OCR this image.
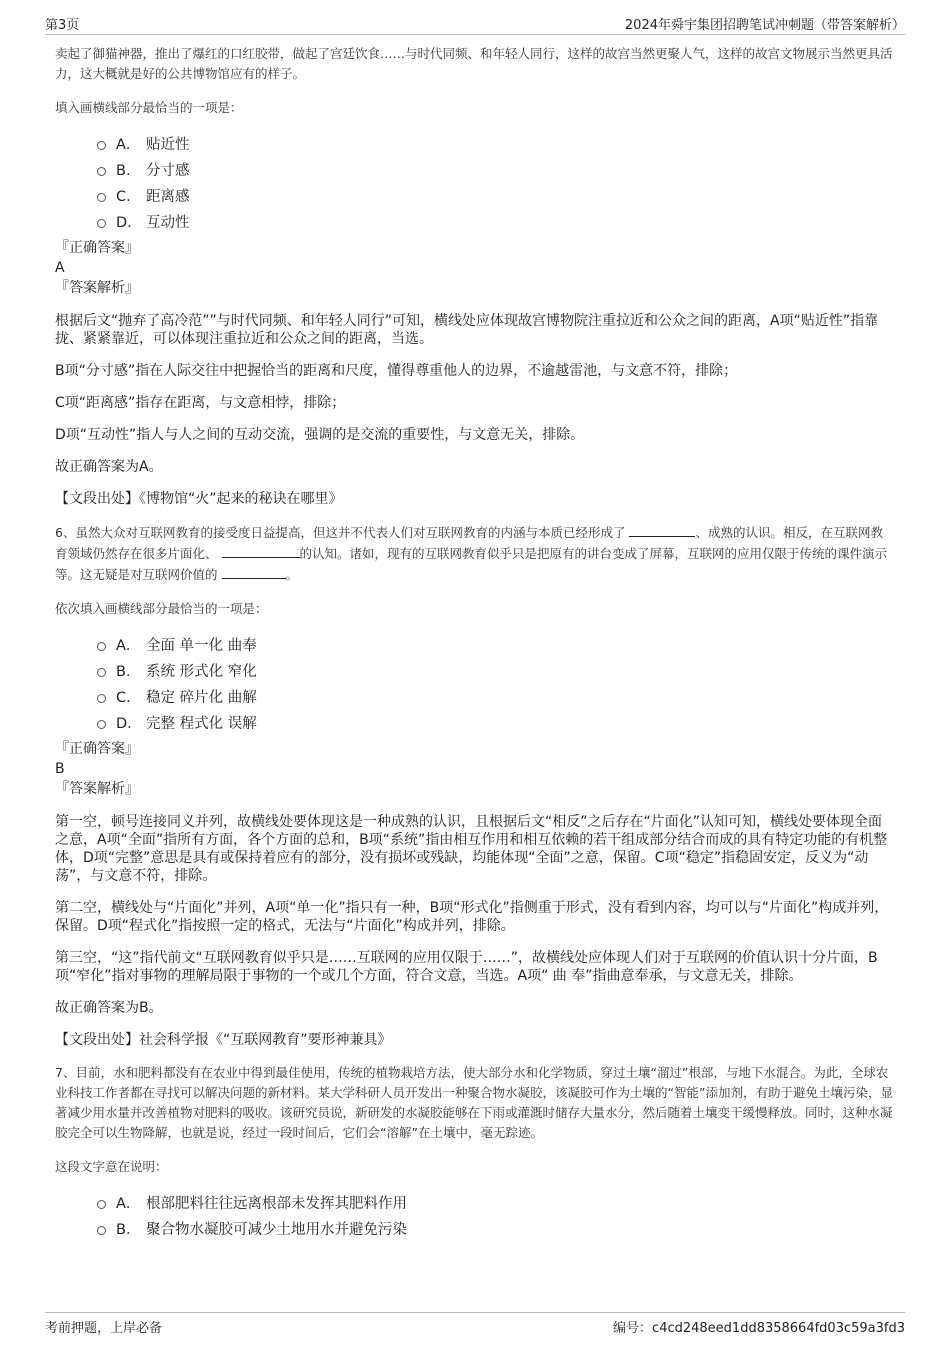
第3页	2024年舜宇集团招聘笔试冲刺题（带答案解析）

卖起了御猫神器，推出了爆红的口红胶带，做起了宫廷饮食……与时代同频、和年轻人同行，这样的故宫当然更聚人气，这样的故宫文物展示当然更具活力，这大概就是好的公共博物馆应有的样子。

填入画横线部分最恰当的一项是：

A． 贴近性
B． 分寸感
C． 距离感
D． 互动性

『正确答案』

A

『答案解析』

根据后文“抛弃了高冷范””与时代同频、和年轻人同行”可知，横线处应体现故宫博物院注重拉近和公众之间的距离，A项“贴近性”指靠拢、紧紧靠近，可以体现注重拉近和公众之间的距离，当选。

B项“分寸感”指在人际交往中把握恰当的距离和尺度，懂得尊重他人的边界，不逾越雷池，与文意不符，排除；

C项“距离感”指存在距离，与文意相悖，排除；

D项“互动性”指人与人之间的互动交流，强调的是交流的重要性，与文意无关，排除。

故正确答案为A。

【文段出处】《博物馆“火”起来的秘诀在哪里》

6、虽然大众对互联网教育的接受度日益提高，但这并不代表人们对互联网教育的内涵与本质已经形成了	、成熟的认识。相反，在互联网教育领域仍然存在很多片面化、	的认知。诸如，现有的互联网教育似乎只是把原有的讲台变成了屏幕，互联网的应用仅限于传统的课件演示等。这无疑是对互联网价值的	。

依次填入画横线部分最恰当的一项是：

A． 全面 单一化 曲奉
B． 系统 形式化 窄化
C． 稳定 碎片化 曲解
D． 完整 程式化 误解

『正确答案』

B

『答案解析』

第一空，顿号连接同义并列，故横线处要体现这是一种成熟的认识，且根据后文“相反”之后存在“片面化”认知可知，横线处要体现全面之意，A项“全面”指所有方面，各个方面的总和，B项“系统”指由相互作用和相互依赖的若干组成部分结合而成的具有特定功能的有机整体，D项“完整”意思是具有或保持着应有的部分，没有损坏或残缺，均能体现“全面”之意，保留。C项“稳定”指稳固安定，反义为“动荡”，与文意不符，排除。

第二空，横线处与“片面化”并列，A项“单一化”指只有一种，B项“形式化”指侧重于形式，没有看到内容，均可以与“片面化”构成并列，保留。D项“程式化”指按照一定的格式，无法与“片面化”构成并列，排除。

第三空，“这”指代前文“互联网教育似乎只是……互联网的应用仅限于……”，故横线处应体现人们对于互联网的价值认识十分片面，B项“窄化”指对事物的理解局限于事物的一个或几个方面，符合文意，当选。A项“ 曲 奉”指曲意奉承，与文意无关，排除。

故正确答案为B。

【文段出处】社会科学报《“互联网教育”要形神兼具》

7、目前，水和肥料都没有在农业中得到最佳使用，传统的植物栽培方法，使大部分水和化学物质，穿过土壤“溜过”根部，与地下水混合。为此，全球农业科技工作者都在寻找可以解决问题的新材料。某大学科研人员开发出一种聚合物水凝胶，该凝胶可作为土壤的“智能”添加剂，有助于避免土壤污染，显著减少用水量并改善植物对肥料的吸收。该研究员说，新研发的水凝胶能够在下雨或灌溉时储存大量水分，然后随着土壤变干缓慢释放。同时，这种水凝胶完全可以生物降解，也就是说，经过一段时间后，它们会“溶解”在土壤中，毫无踪迹。

这段文字意在说明：

A． 根部肥料往往远离根部未发挥其肥料作用
B． 聚合物水凝胶可减少土地用水并避免污染
考前押题，上岸必备	编号：c4cd248eed1dd8358664fd03c59a3fd3
